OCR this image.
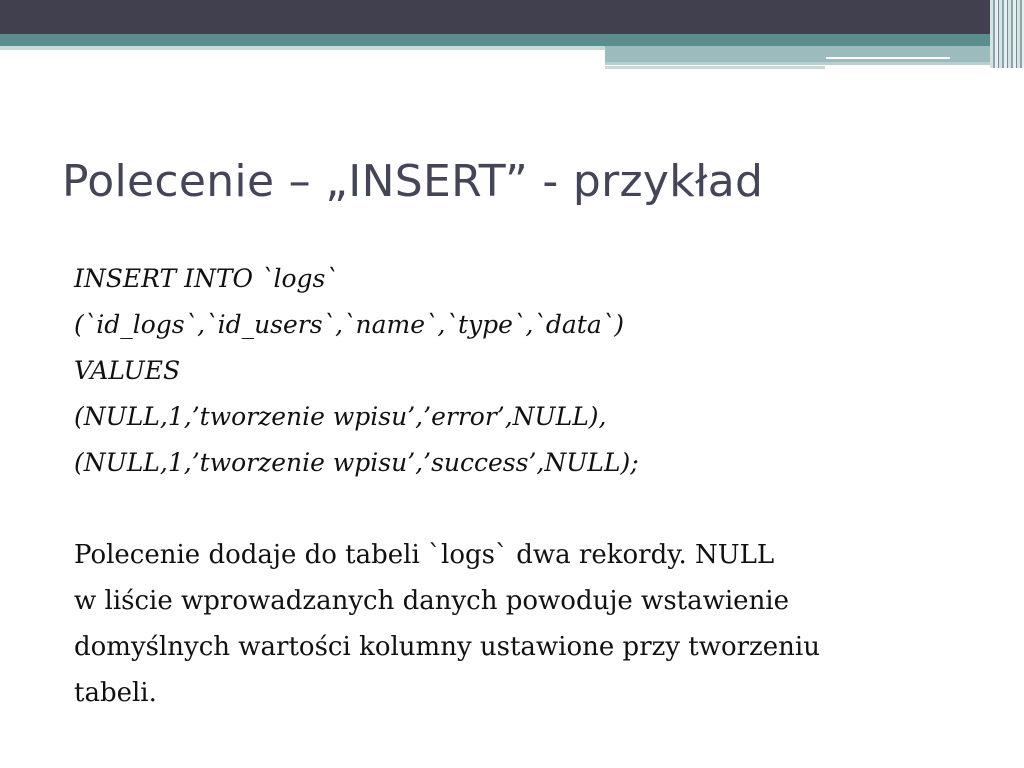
Polecenie – „INSERT” - przykład
INSERT INTO `logs`
(`id_logs`,`id_users`,`name`,`type`,`data`)
VALUES
(NULL,1,’tworzenie wpisu’,’error’,NULL),
(NULL,1,’tworzenie wpisu’,’success’,NULL);
Polecenie dodaje do tabeli `logs` dwa rekordy. NULL
w liście wprowadzanych danych powoduje wstawienie
domyślnych wartości kolumny ustawione przy tworzeniu
tabeli.
